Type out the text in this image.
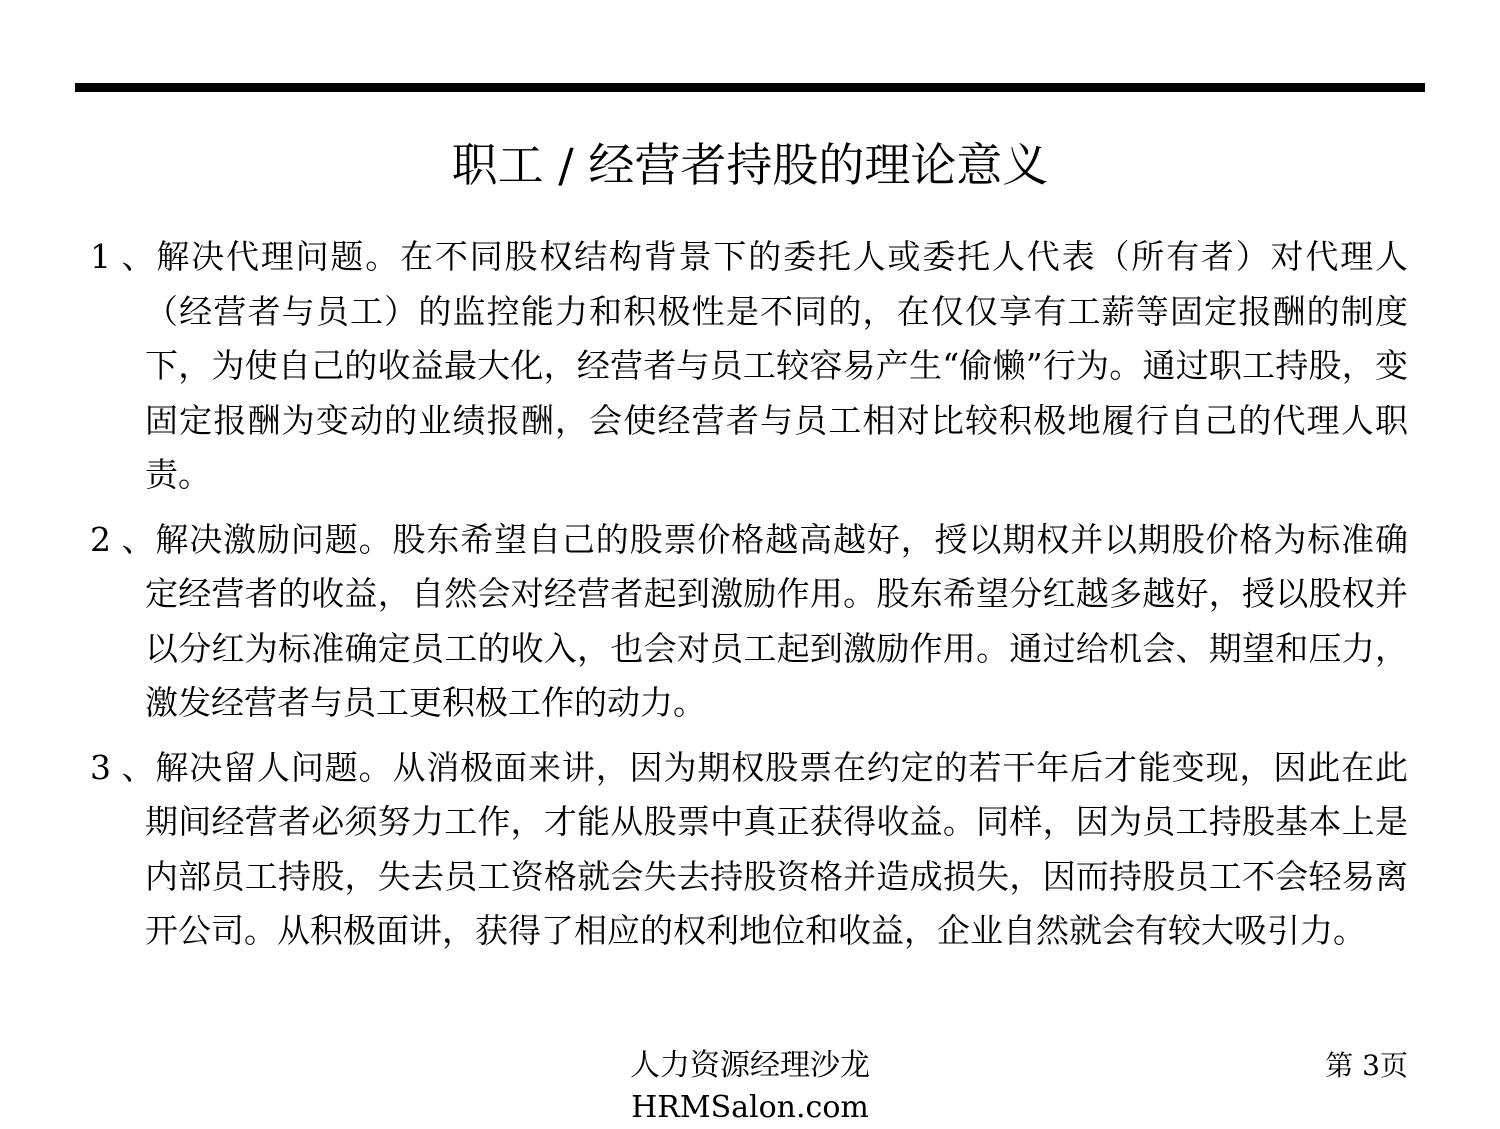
职工 / 经营者持股的理论意义
1 、解决代理问题。在不同股权结构背景下的委托人或委托人代表（所有者）对代理人（经营者与员工）的监控能力和积极性是不同的，在仅仅享有工薪等固定报酬的制度下，为使自己的收益最大化，经营者与员工较容易产生“偷懒”行为。通过职工持股，变固定报酬为变动的业绩报酬，会使经营者与员工相对比较积极地履行自己的代理人职责。
2 、解决激励问题。股东希望自己的股票价格越高越好，授以期权并以期股价格为标准确定经营者的收益，自然会对经营者起到激励作用。股东希望分红越多越好，授以股权并以分红为标准确定员工的收入，也会对员工起到激励作用。通过给机会、期望和压力，激发经营者与员工更积极工作的动力。
3 、解决留人问题。从消极面来讲，因为期权股票在约定的若干年后才能变现，因此在此期间经营者必须努力工作，才能从股票中真正获得收益。同样，因为员工持股基本上是内部员工持股，失去员工资格就会失去持股资格并造成损失，因而持股员工不会轻易离开公司。从积极面讲，获得了相应的权利地位和收益，企业自然就会有较大吸引力。
人力资源经理沙龙
HRMSalon.com
第 3页
